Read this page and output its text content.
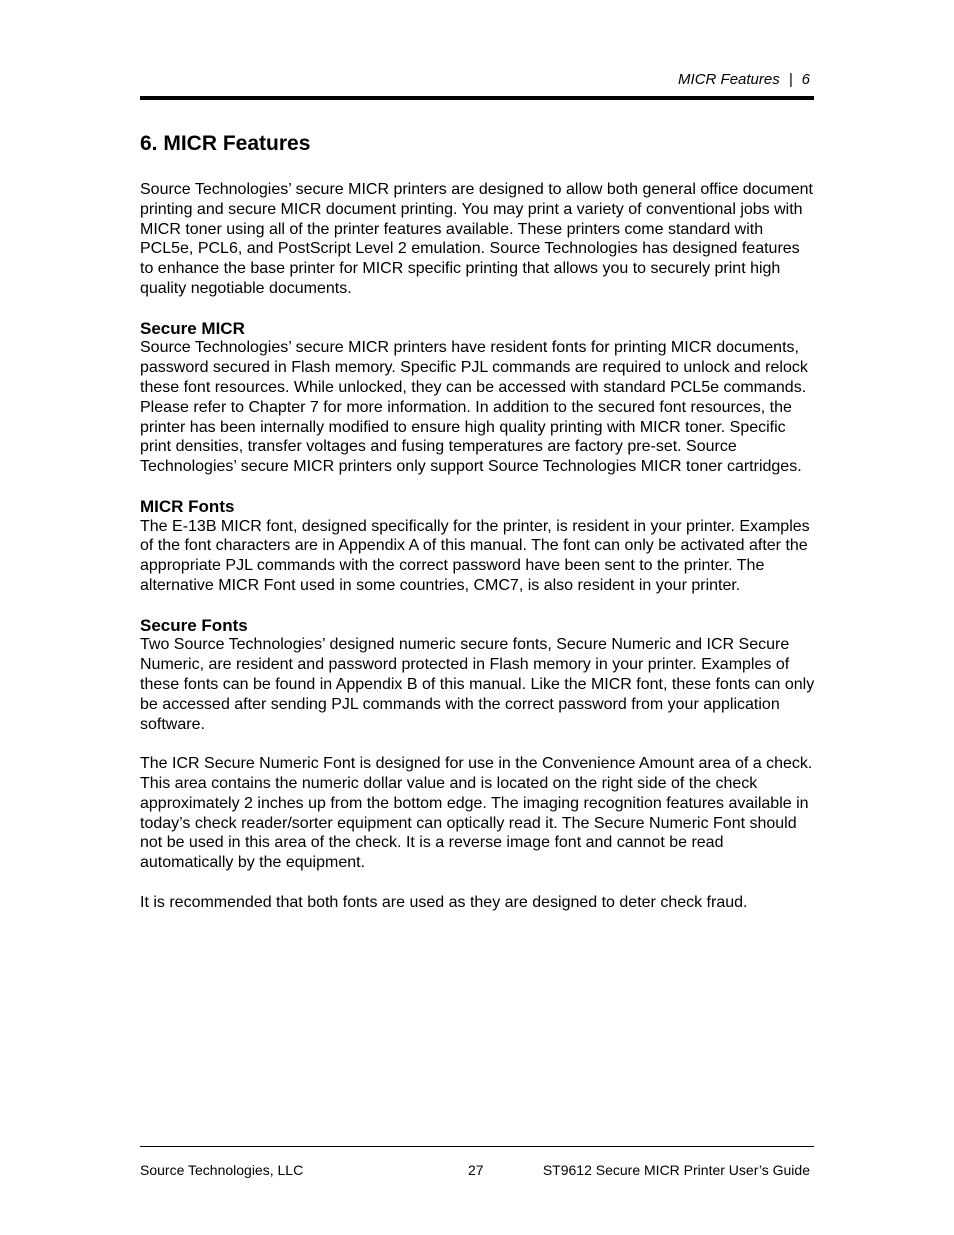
MICR Features | 6
6. MICR Features

Source Technologies’ secure MICR printers are designed to allow both general office document printing and secure MICR document printing. You may print a variety of conventional jobs with MICR toner using all of the printer features available. These printers come standard with PCL5e, PCL6, and PostScript Level 2 emulation. Source Technologies has designed features to enhance the base printer for MICR specific printing that allows you to securely print high quality negotiable documents.

Secure MICR

Source Technologies’ secure MICR printers have resident fonts for printing MICR documents, password secured in Flash memory. Specific PJL commands are required to unlock and relock these font resources. While unlocked, they can be accessed with standard PCL5e commands. Please refer to Chapter 7 for more information. In addition to the secured font resources, the printer has been internally modified to ensure high quality printing with MICR toner. Specific print densities, transfer voltages and fusing temperatures are factory pre-set. Source Technologies’ secure MICR printers only support Source Technologies MICR toner cartridges.

MICR Fonts

The E-13B MICR font, designed specifically for the printer, is resident in your printer. Examples of the font characters are in Appendix A of this manual. The font can only be activated after the appropriate PJL commands with the correct password have been sent to the printer. The alternative MICR Font used in some countries, CMC7, is also resident in your printer.

Secure Fonts

Two Source Technologies’ designed numeric secure fonts, Secure Numeric and ICR Secure Numeric, are resident and password protected in Flash memory in your printer. Examples of these fonts can be found in Appendix B of this manual. Like the MICR font, these fonts can only be accessed after sending PJL commands with the correct password from your application software.

The ICR Secure Numeric Font is designed for use in the Convenience Amount area of a check. This area contains the numeric dollar value and is located on the right side of the check approximately 2 inches up from the bottom edge. The imaging recognition features available in today’s check reader/sorter equipment can optically read it. The Secure Numeric Font should not be used in this area of the check. It is a reverse image font and cannot be read automatically by the equipment.

It is recommended that both fonts are used as they are designed to deter check fraud.

Source Technologies, LLC	27	ST9612 Secure MICR Printer User’s Guide
